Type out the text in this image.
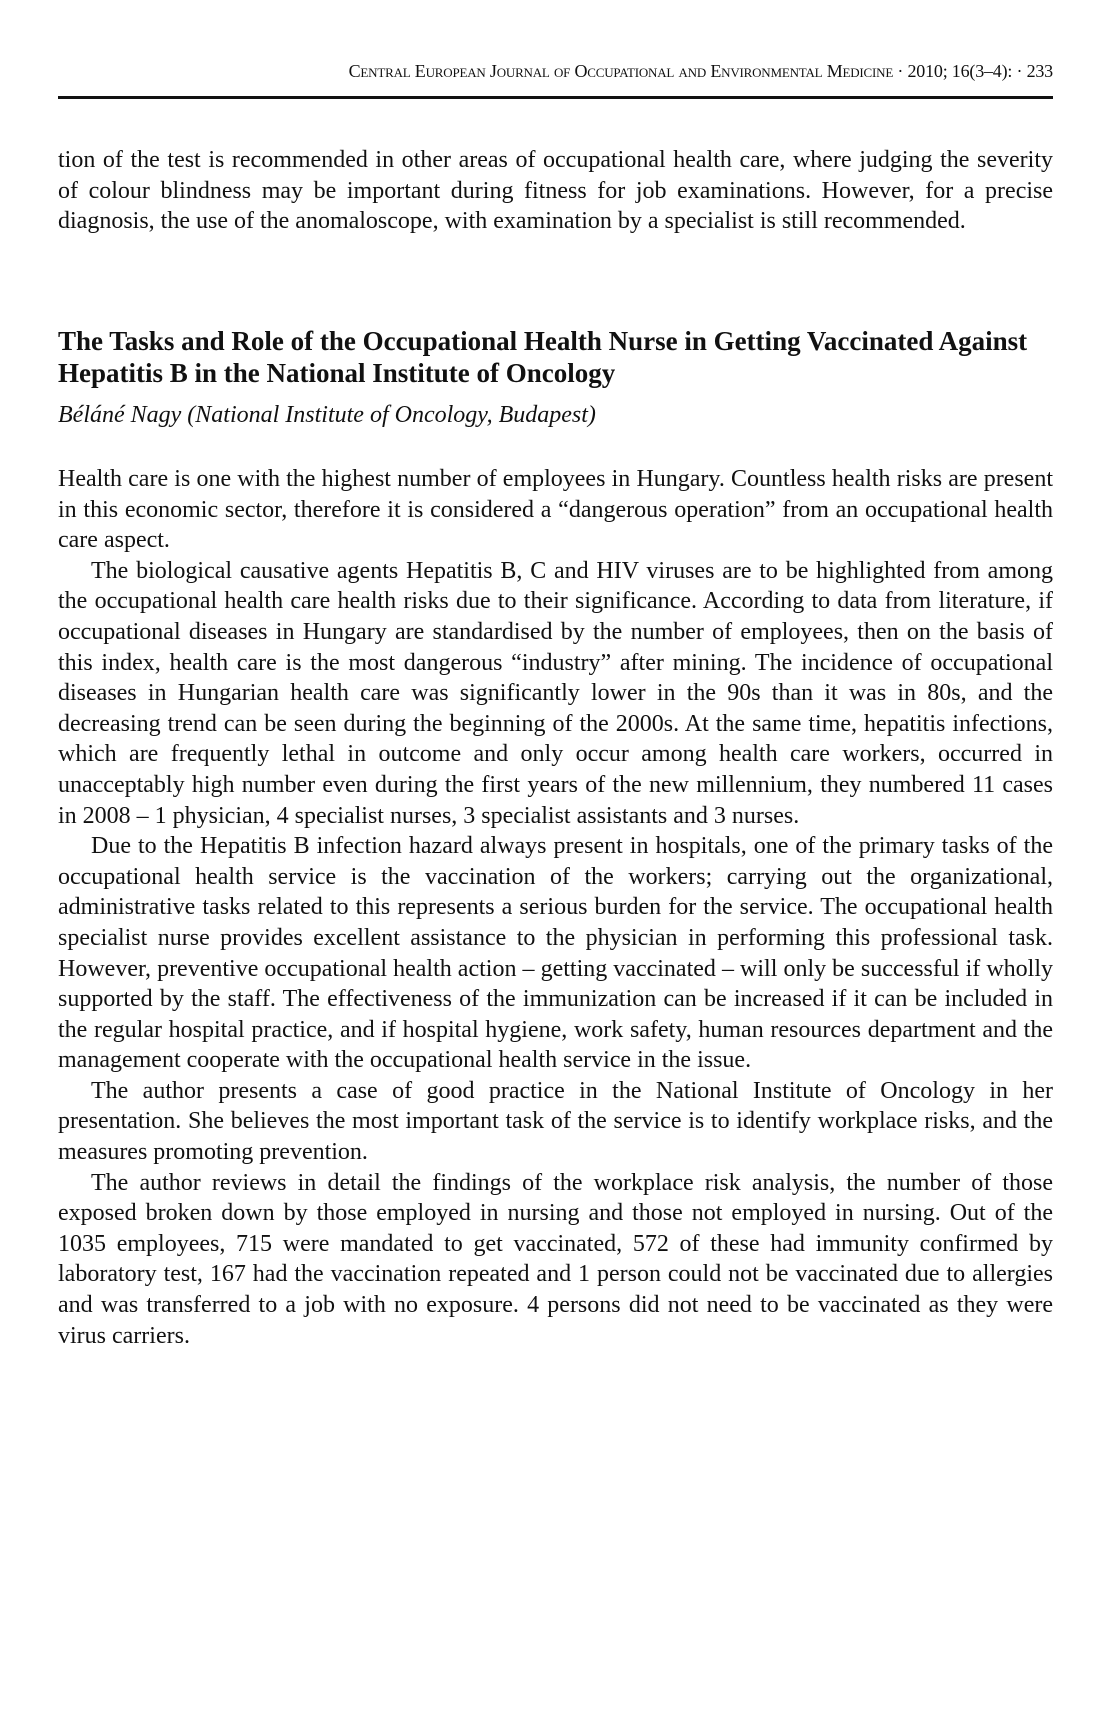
Central European Journal of Occupational and Environmental Medicine · 2010; 16(3–4): · 233

tion of the test is recommended in other areas of occupational health care, where judging the severity of colour blindness may be important during fitness for job examinations. However, for a precise diagnosis, the use of the anomaloscope, with examination by a specialist is still recommended.

The Tasks and Role of the Occupational Health Nurse in Getting Vaccinated Against Hepatitis B in the National Institute of Oncology

Béláné Nagy (National Institute of Oncology, Budapest)

Health care is one with the highest number of employees in Hungary. Countless health risks are present in this economic sector, therefore it is considered a “dangerous operation” from an occupational health care aspect.

The biological causative agents Hepatitis B, C and HIV viruses are to be highlighted from among the occupational health care health risks due to their significance. According to data from literature, if occupational diseases in Hungary are standardised by the number of employees, then on the basis of this index, health care is the most dangerous “industry” after mining. The incidence of occupational diseases in Hungarian health care was significantly lower in the 90s than it was in 80s, and the decreasing trend can be seen during the beginning of the 2000s. At the same time, hepatitis infections, which are frequently lethal in outcome and only occur among health care workers, occurred in unacceptably high number even during the first years of the new millennium, they numbered 11 cases in 2008 – 1 physician, 4 specialist nurses, 3 specialist assistants and 3 nurses.

Due to the Hepatitis B infection hazard always present in hospitals, one of the primary tasks of the occupational health service is the vaccination of the workers; carrying out the organizational, administrative tasks related to this represents a serious burden for the service. The occupational health specialist nurse provides excellent assistance to the physician in performing this professional task. However, preventive occupational health action – getting vaccinated – will only be successful if wholly supported by the staff. The effectiveness of the immunization can be increased if it can be included in the regular hospital practice, and if hospital hygiene, work safety, human resources department and the management cooperate with the occupational health service in the issue.

The author presents a case of good practice in the National Institute of Oncology in her presentation. She believes the most important task of the service is to identify workplace risks, and the measures promoting prevention.

The author reviews in detail the findings of the workplace risk analysis, the number of those exposed broken down by those employed in nursing and those not employed in nursing. Out of the 1035 employees, 715 were mandated to get vaccinated, 572 of these had immunity confirmed by laboratory test, 167 had the vaccination repeated and 1 person could not be vaccinated due to allergies and was transferred to a job with no exposure. 4 persons did not need to be vaccinated as they were virus carriers.
